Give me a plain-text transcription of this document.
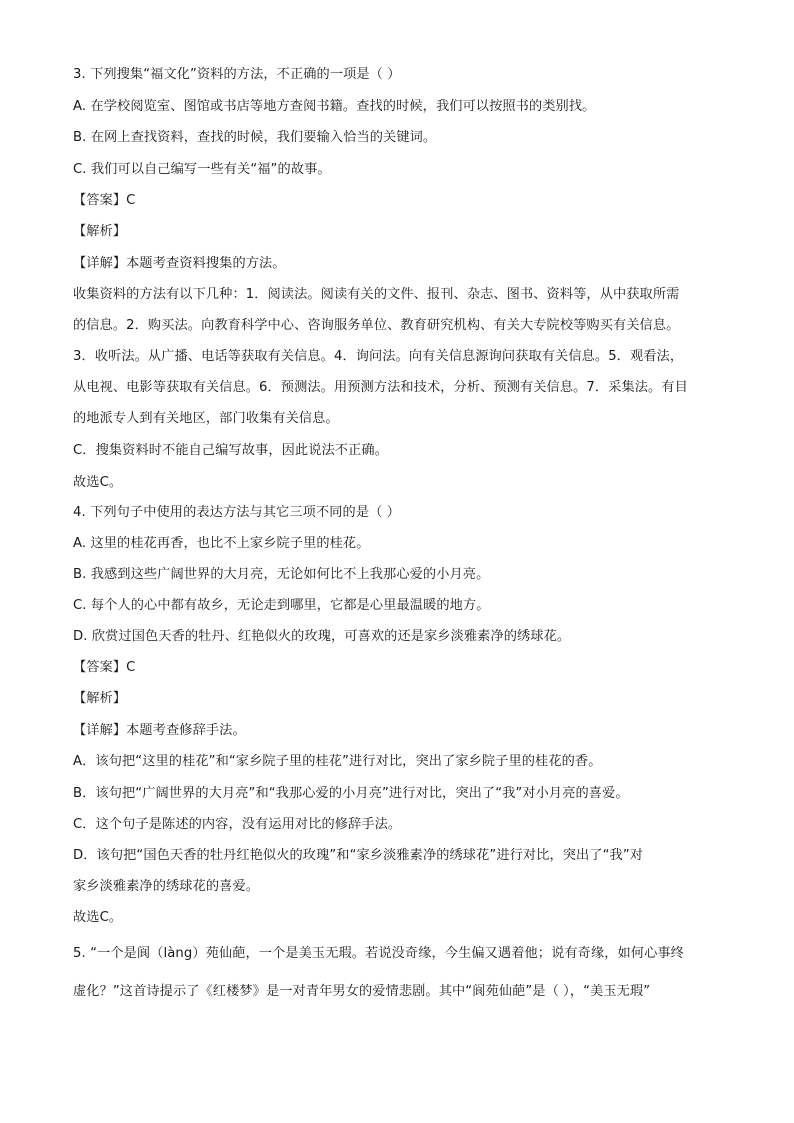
3. 下列搜集“福文化”资料的方法，不正确的一项是（ ）
A. 在学校阅览室、图馆或书店等地方查阅书籍。查找的时候，我们可以按照书的类别找。
B. 在网上查找资料，查找的时候，我们要输入恰当的关键词。
C. 我们可以自己编写一些有关“福”的故事。
【答案】C
【解析】
【详解】本题考查资料搜集的方法。
收集资料的方法有以下几种：1．阅读法。阅读有关的文件、报刊、杂志、图书、资料等，从中获取所需
的信息。2．购买法。向教育科学中心、咨询服务单位、教育研究机构、有关大专院校等购买有关信息。
3．收听法。从广播、电话等获取有关信息。4．询问法。向有关信息源询问获取有关信息。5．观看法，
从电视、电影等获取有关信息。6．预测法。用预测方法和技术，分析、预测有关信息。7．采集法。有目
的地派专人到有关地区，部门收集有关信息。
C．搜集资料时不能自己编写故事，因此说法不正确。
故选C。
4. 下列句子中使用的表达方法与其它三项不同的是（ ）
A. 这里的桂花再香，也比不上家乡院子里的桂花。
B. 我感到这些广阔世界的大月亮，无论如何比不上我那心爱的小月亮。
C. 每个人的心中都有故乡，无论走到哪里，它都是心里最温暖的地方。
D. 欣赏过国色天香的牡丹、红艳似火的玫瑰，可喜欢的还是家乡淡雅素净的绣球花。
【答案】C
【解析】
【详解】本题考查修辞手法。
A．该句把“这里的桂花”和“家乡院子里的桂花”进行对比，突出了家乡院子里的桂花的香。
B．该句把“广阔世界的大月亮”和“我那心爱的小月亮”进行对比，突出了“我”对小月亮的喜爱。
C．这个句子是陈述的内容，没有运用对比的修辞手法。
D．该句把“国色天香的牡丹红艳似火的玫瑰”和“家乡淡雅素净的绣球花”进行对比，突出了“我”对
家乡淡雅素净的绣球花的喜爱。
故选C。
5. “一个是阆（làng）苑仙葩，一个是美玉无瑕。若说没奇缘，今生偏又遇着他；说有奇缘，如何心事终
虚化？”这首诗提示了《红楼梦》是一对青年男女的爱情悲剧。其中“阆苑仙葩”是（ ），“美玉无瑕”
